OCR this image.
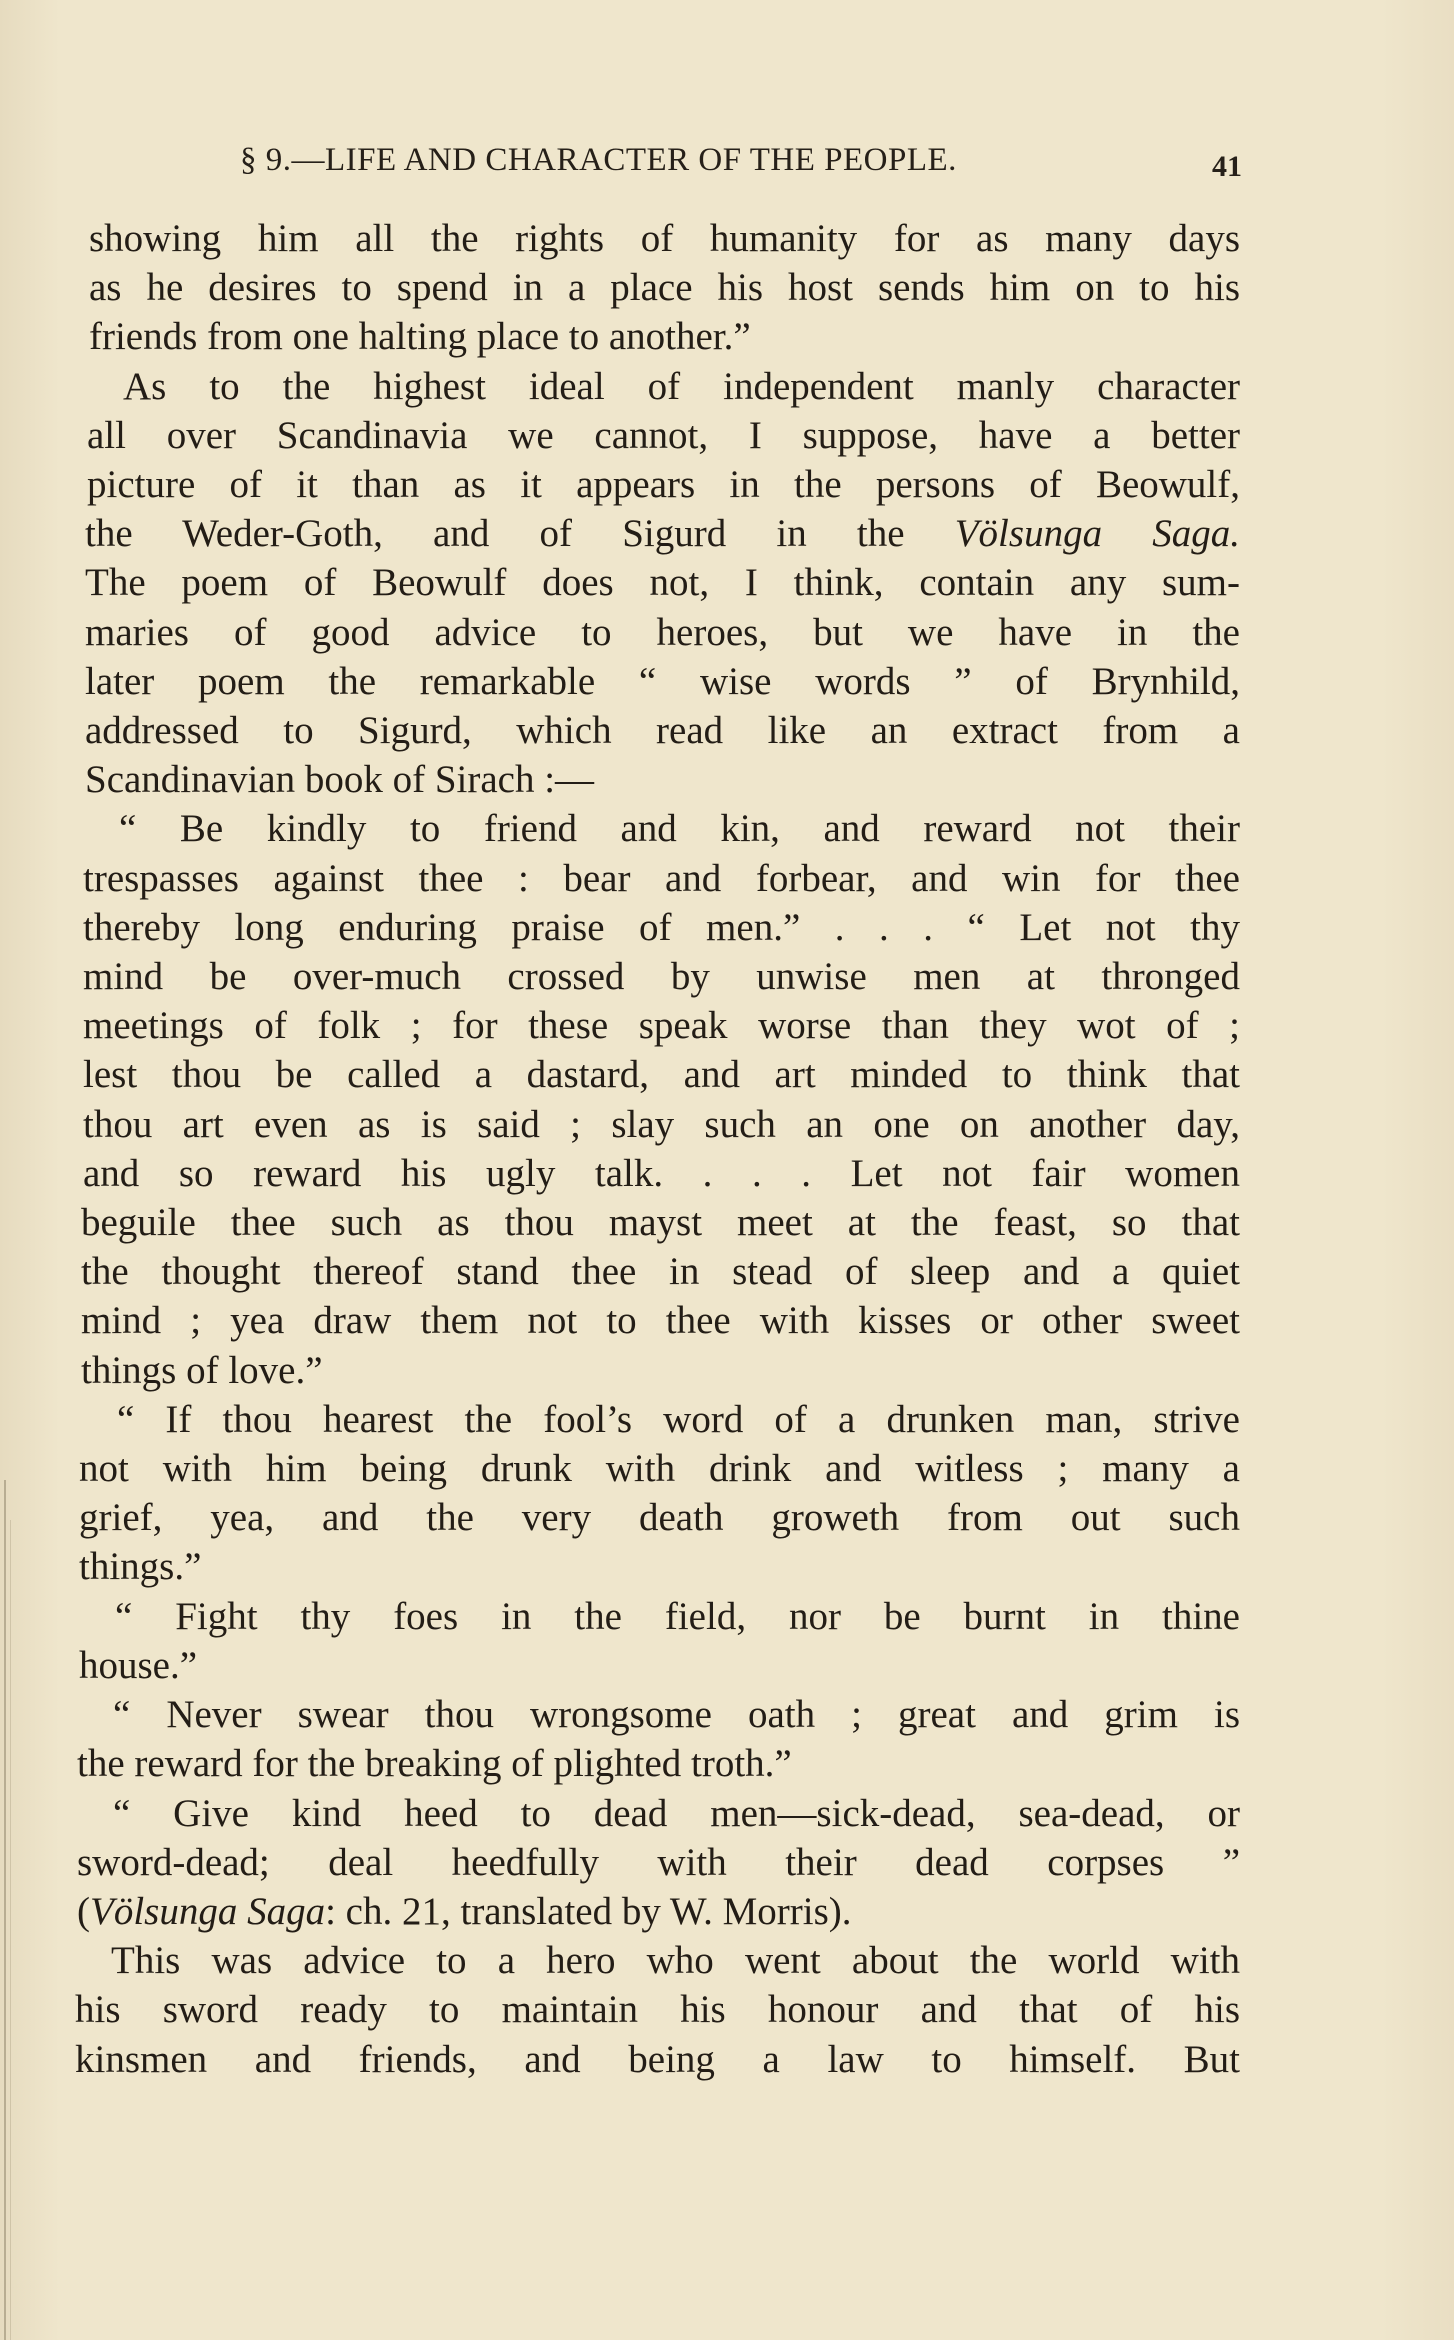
§ 9.—LIFE AND CHARACTER OF THE PEOPLE.	41
showing him all the rights of humanity for as many days
as he desires to spend in a place his host sends him on to his
friends from one halting place to another.”
As to the highest ideal of independent manly character
all over Scandinavia we cannot, I suppose, have a better
picture of it than as it appears in the persons of Beowulf,
the Weder-Goth, and of Sigurd in the Völsunga Saga.
The poem of Beowulf does not, I think, contain any sum-
maries of good advice to heroes, but we have in the
later poem the remarkable “ wise words ” of Brynhild,
addressed to Sigurd, which read like an extract from a
Scandinavian book of Sirach :—
“ Be kindly to friend and kin, and reward not their
trespasses against thee : bear and forbear, and win for thee
thereby long enduring praise of men.” . . . “ Let not thy
mind be over-much crossed by unwise men at thronged
meetings of folk ; for these speak worse than they wot of ;
lest thou be called a dastard, and art minded to think that
thou art even as is said ; slay such an one on another day,
and so reward his ugly talk. . . . Let not fair women
beguile thee such as thou mayst meet at the feast, so that
the thought thereof stand thee in stead of sleep and a quiet
mind ; yea draw them not to thee with kisses or other sweet
things of love.”
“ If thou hearest the fool’s word of a drunken man, strive
not with him being drunk with drink and witless ; many a
grief, yea, and the very death groweth from out such
things.”
“ Fight thy foes in the field, nor be burnt in thine
house.”
“ Never swear thou wrongsome oath ; great and grim is
the reward for the breaking of plighted troth.”
“ Give kind heed to dead men—sick-dead, sea-dead, or
sword-dead; deal heedfully with their dead corpses ”
(Völsunga Saga: ch. 21, translated by W. Morris).
This was advice to a hero who went about the world with
his sword ready to maintain his honour and that of his
kinsmen and friends, and being a law to himself. But
